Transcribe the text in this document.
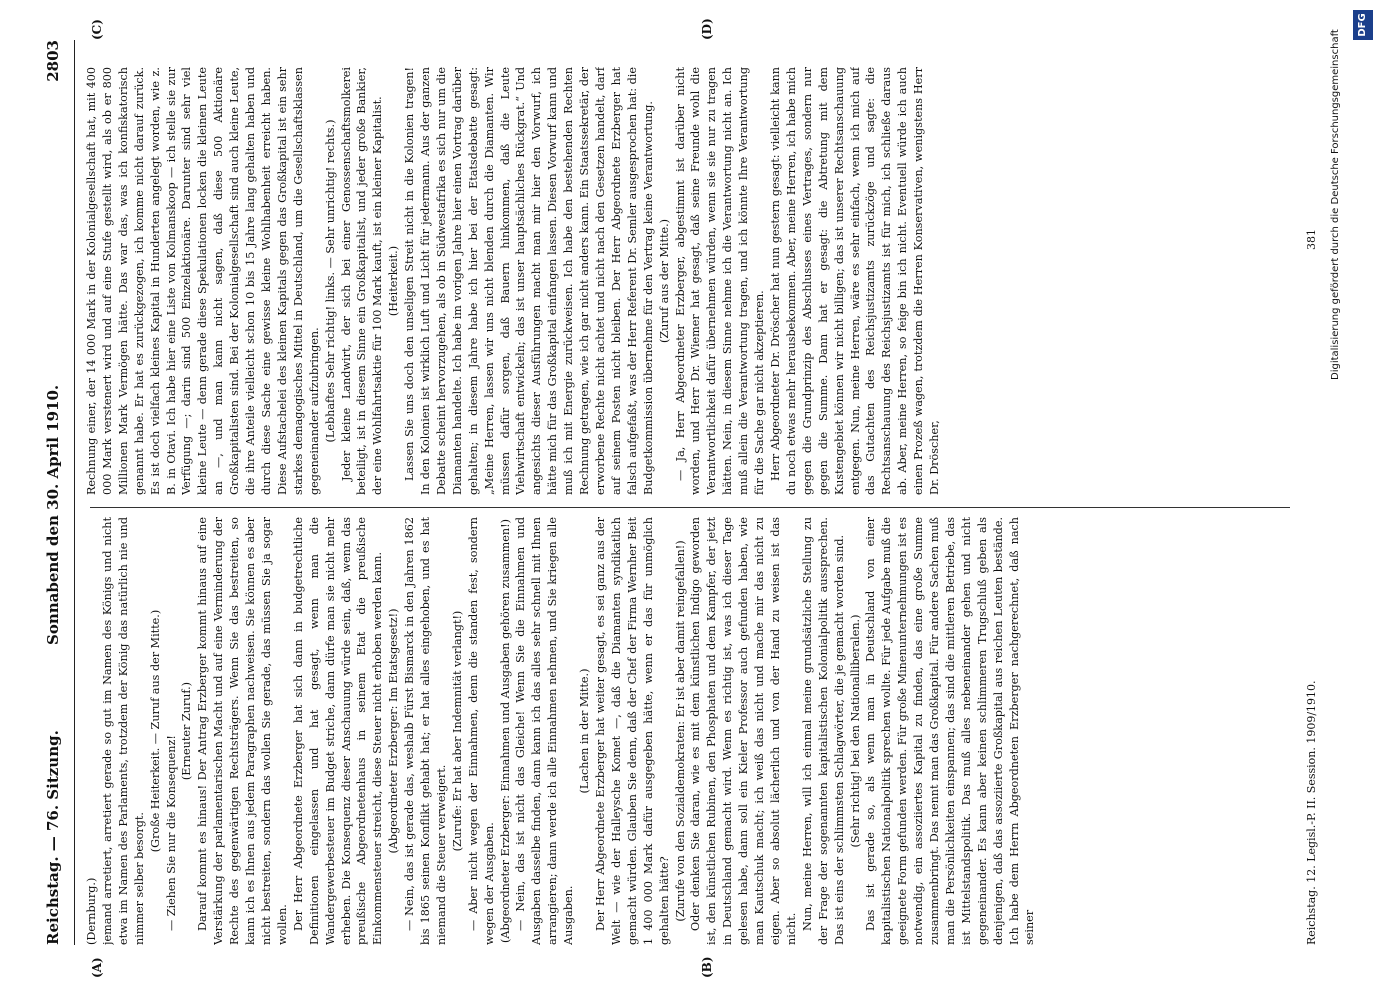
Reichstag. — 76. Sitzung.
Sonnabend den 30. April 1910.
2803
(A)	(B)
(C)	(D)

(Dernburg.) jemand arretiert, arretiert gerade so gut im Namen des Königs und nicht etwa im Namen des Parlaments, trotzdem der König das natürlich nie und nimmer selber besorgt.

(Große Heiterkeit. — Zuruf aus der Mitte.) — Ziehen Sie nur die Konsequenz!

(Erneuter Zuruf.) Darauf kommt es hinaus! Der Antrag Erzberger kommt hinaus auf eine Verstärkung der parlamentarischen Macht und auf eine Verminderung der Rechte des gegenwärtigen Rechtsträgers. Wenn Sie das bestreiten, so kann ich es Ihnen aus jedem Paragraphen nachweisen. Sie können es aber nicht bestreiten, sondern das wollen Sie gerade, das müssen Sie ja sogar wollen. Der Herr Abgeordnete Erzberger hat sich dann in budgetrechtliche Definitionen eingelassen und hat gesagt, wenn man die Wandergewerbesteuer im Budget striche, dann dürfe man sie nicht mehr erheben. Die Konsequenz dieser Anschauung würde sein, daß, wenn das preußische Abgeordnetenhaus in seinem Etat die preußische Einkommensteuer streicht, diese Steuer nicht erhoben werden kann. (Abgeordneter Erzberger: Im Etatsgesetz!) — Nein, das ist gerade das, weshalb Fürst Bismarck in den Jahren 1862 bis 1865 seinen Konflikt gehabt hat; er hat alles eingehoben, und es hat niemand die Steuer verweigert.

(Zurufe: Er hat aber Indemnität verlangt!) — Aber nicht wegen der Einnahmen, denn die standen fest, sondern wegen der Ausgaben. (Abgeordneter Erzberger: Einnahmen und Ausgaben gehören zusammen!) — Nein, das ist nicht das Gleiche! Wenn Sie die Einnahmen und Ausgaben dasselbe finden, dann kann ich das alles sehr schnell mit Ihnen arrangieren; dann werde ich alle Einnahmen nehmen, und Sie kriegen alle Ausgaben.

(Lachen in der Mitte.) Der Herr Abgeordnete Erzberger hat weiter gesagt, es sei ganz aus der Welt — wie der Halleysche Komet —, daß die Diamanten syndikatlich gemacht würden. Glauben Sie denn, daß der Chef der Firma Wernher Beit 1 400 000 Mark dafür ausgegeben hätte, wenn er das für unmöglich gehalten hätte? (Zurufe von den Sozialdemokraten: Er ist aber damit reingefallen!) Oder denken Sie daran, wie es mit dem künstlichen Indigo geworden ist, den künstlichen Rubinen, den Phosphaten und dem Kampfer, der jetzt in Deutschland gemacht wird. Wenn es richtig ist, was ich dieser Tage gelesen habe, dann soll ein Kieler Professor auch gefunden haben, wie man Kautschuk macht; ich weiß das nicht und mache mir das nicht zu eigen. Aber so absolut lächerlich und von der Hand zu weisen ist das nicht. Nun, meine Herren, will ich einmal meine grundsätzliche Stellung zu der Frage der sogenannten kapitalistischen Kolonialpolitik aussprechen. Das ist eins der schlimmsten Schlagwörter, die je gemacht worden sind. (Sehr richtig! bei den Nationalliberalen.) Das ist gerade so, als wenn man in Deutschland von einer kapitalistischen Nationalpolitik sprechen wollte. Für jede Aufgabe muß die geeignete Form gefunden werden. Für große Minenunternehmungen ist es notwendig, ein assoziiertes Kapital zu finden, das eine große Summe zusammenbringt. Das nennt man das Großkapital. Für andere Sachen muß man die Persönlichkeiten einspannen; das sind die mittleren Betriebe, das ist Mittelstandspolitik. Das muß alles nebeneinander gehen und nicht gegeneinander. Es kann aber keinen schlimmeren Trugschluß geben als denjenigen, daß das assoziierte Großkapital aus reichen Leuten bestände. Ich habe dem Herrn Abgeordneten Erzberger nachgerechnet, daß nach seiner

Rechnung einer, der 14 000 Mark in der Kolonialgesellschaft hat, mit 400 000 Mark verstenert wird und auf eine Stufe gestellt wird, als ob er 800 Millionen Mark Vermögen hätte. Das war das, was ich konfiskatorisch genannt habe. Er hat es zurückgezogen, ich komme nicht darauf zurück. Es ist doch vielfach kleines Kapital in Hunderten angelegt worden, wie z. B. in Otavi. Ich habe hier eine Liste von Kolmanskoop — ich stelle sie zur Verfügung —; darin sind 500 Einzelaktionäre. Darunter sind sehr viel kleine Leute — denn gerade diese Spekulationen locken die kleinen Leute an —, und man kann nicht sagen, daß diese 500 Aktionäre Großkapitalisten sind. Bei der Kolonialgesellschaft sind auch kleine Leute, die ihre Anteile vielleicht schon 10 bis 15 Jahre lang gehalten haben und durch diese Sache eine gewisse kleine Wohlhabenheit erreicht haben. Diese Aufstachelei des kleinen Kapitals gegen das Großkapital ist ein sehr starkes demagogisches Mittel in Deutschland, um die Gesellschaftsklassen gegeneinander aufzubringen. (Lebhaftes Sehr richtig! links. — Sehr unrichtig! rechts.) Jeder kleine Landwirt, der sich bei einer Genossenschaftsmolkerei beteiligt, ist in diesem Sinne ein Großkapitalist, und jeder große Bankier, der eine Wohlfahrtsaktie für 100 Mark kauft, ist ein kleiner Kapitalist. (Heiterkeit.) Lassen Sie uns doch den unseligen Streit nicht in die Kolonien tragen! In den Kolonien ist wirklich Luft und Licht für jedermann. Aus der ganzen Debatte scheint hervorzugehen, als ob in Südwestafrika es sich nur um die Diamanten handelte. Ich habe im vorigen Jahre hier einen Vortrag darüber gehalten; in diesem Jahre habe ich hier bei der Etatsdebatte gesagt: „Meine Herren, lassen wir uns nicht blenden durch die Diamanten. Wir müssen dafür sorgen, daß Bauern hinkommen, daß die Leute Viehwirtschaft entwickeln; das ist unser hauptsächliches Rückgrat.“ Und angesichts dieser Ausführungen macht man mir hier den Vorwurf, ich hätte mich für das Großkapital einfangen lassen. Diesen Vorwurf kann und muß ich mit Energie zurückweisen. Ich habe den bestehenden Rechten Rechnung getragen, wie ich gar nicht anders kann. Ein Staatssekretär, der erworbene Rechte nicht achtet und nicht nach den Gesetzen handelt, darf auf seinem Posten nicht bleiben. Der Herr Abgeordnete Erzberger hat falsch aufgefaßt, was der Herr Referent Dr. Semler ausgesprochen hat: die Budgetkommission übernehme für den Vertrag keine Verantwortung. (Zuruf aus der Mitte.) — Ja, Herr Abgeordneter Erzberger, abgestimmt ist darüber nicht worden, und Herr Dr. Wiemer hat gesagt, daß seine Freunde wohl die Verantwortlichkeit dafür übernehmen würden, wenn sie sie nur zu tragen hätten. Nein, in diesem Sinne nehme ich die Verantwortung nicht an. Ich muß allein die Verantwortung tragen, und ich könnte Ihre Verantwortung für die Sache gar nicht akzeptieren. Herr Abgeordneter Dr. Dröscher hat nun gestern gesagt: vielleicht kann du noch etwas mehr herausbekommen. Aber, meine Herren, ich habe mich gegen die Grundprinzip des Abschlusses eines Vertrages, sondern nur gegen die Summe. Dann hat er gesagt: die Abtretung mit dem Kustengebiet können wir nicht billigen; das ist unserer Rechtsanschauung entgegen. Nun, meine Herren, wäre es sehr einfach, wenn ich mich auf das Gutachten des Reichsjustizamts zurückzöge und sagte: die Rechtsanschauung des Reichsjustizamts ist für mich, ich schließe daraus ab. Aber, meine Herren, so feige bin ich nicht. Eventuell würde ich auch einen Prozeß wagen, trotzdem die Herren Konservativen, wenigstens Herr Dr. Dröscher,

Reichstag. 12. Legisl.-P. II. Session. 1909/1910.
381 Digitalisierung gefördert durch die Deutsche Forschungsgemeinschaft
DFG
